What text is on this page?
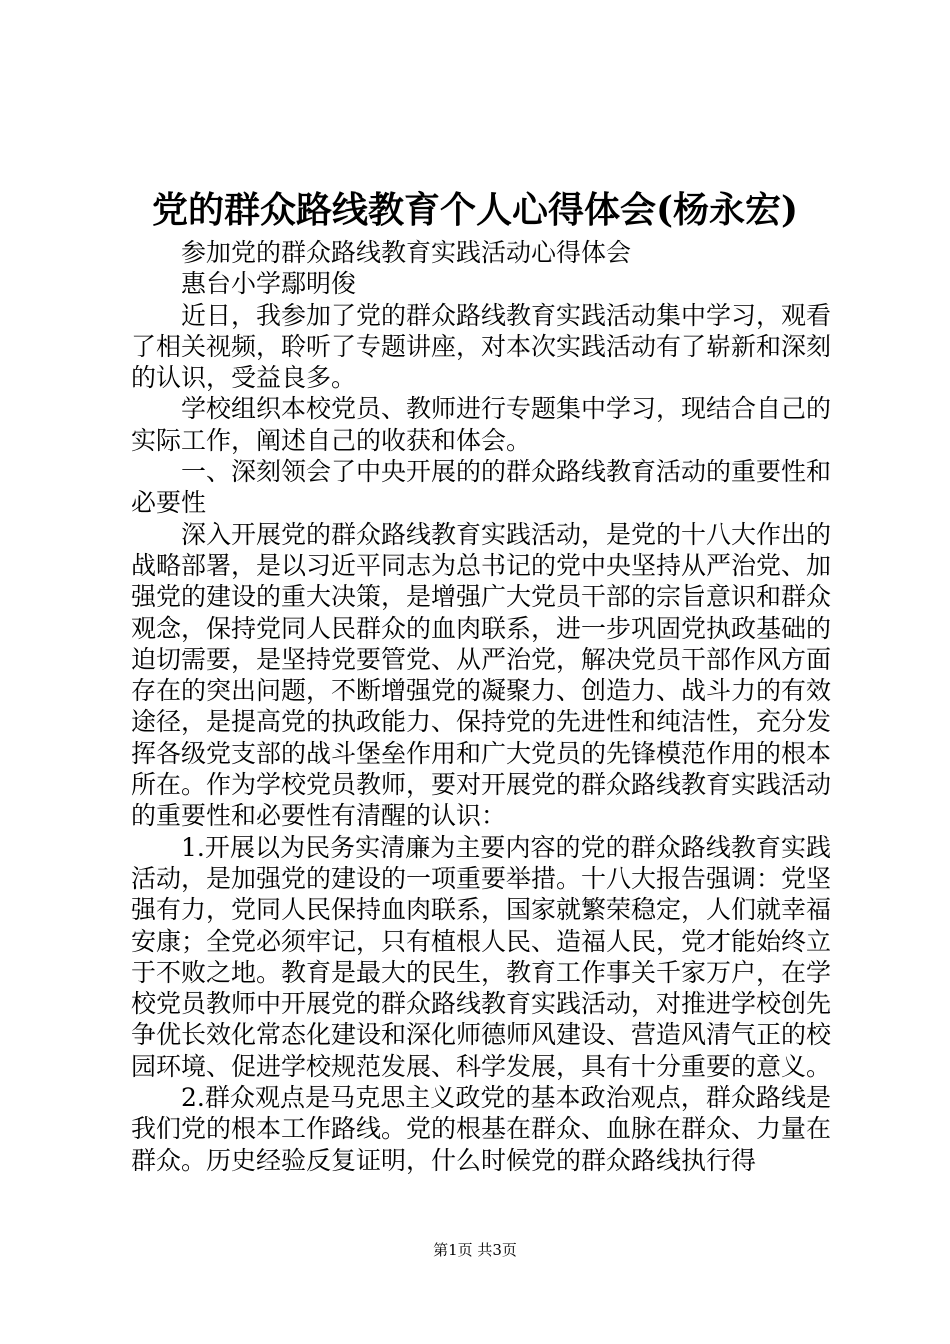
党的群众路线教育个人心得体会(杨永宏)

参加党的群众路线教育实践活动心得体会

惠台小学鄢明俊

近日，我参加了党的群众路线教育实践活动集中学习，观看了相关视频，聆听了专题讲座，对本次实践活动有了崭新和深刻的认识，受益良多。

学校组织本校党员、教师进行专题集中学习，现结合自己的实际工作，阐述自己的收获和体会。

一、深刻领会了中央开展的的群众路线教育活动的重要性和必要性

深入开展党的群众路线教育实践活动，是党的十八大作出的战略部署，是以习近平同志为总书记的党中央坚持从严治党、加强党的建设的重大决策，是增强广大党员干部的宗旨意识和群众观念，保持党同人民群众的血肉联系，进一步巩固党执政基础的迫切需要，是坚持党要管党、从严治党，解决党员干部作风方面存在的突出问题，不断增强党的凝聚力、创造力、战斗力的有效途径，是提高党的执政能力、保持党的先进性和纯洁性，充分发挥各级党支部的战斗堡垒作用和广大党员的先锋模范作用的根本所在。作为学校党员教师，要对开展党的群众路线教育实践活动的重要性和必要性有清醒的认识：

1.开展以为民务实清廉为主要内容的党的群众路线教育实践活动，是加强党的建设的一项重要举措。十八大报告强调：党坚强有力，党同人民保持血肉联系，国家就繁荣稳定，人们就幸福安康；全党必须牢记，只有植根人民、造福人民，党才能始终立于不败之地。教育是最大的民生，教育工作事关千家万户，在学校党员教师中开展党的群众路线教育实践活动，对推进学校创先争优长效化常态化建设和深化师德师风建设、营造风清气正的校园环境、促进学校规范发展、科学发展，具有十分重要的意义。

2.群众观点是马克思主义政党的基本政治观点，群众路线是我们党的根本工作路线。党的根基在群众、血脉在群众、力量在群众。历史经验反复证明，什么时候党的群众路线执行得

第1页 共3页
